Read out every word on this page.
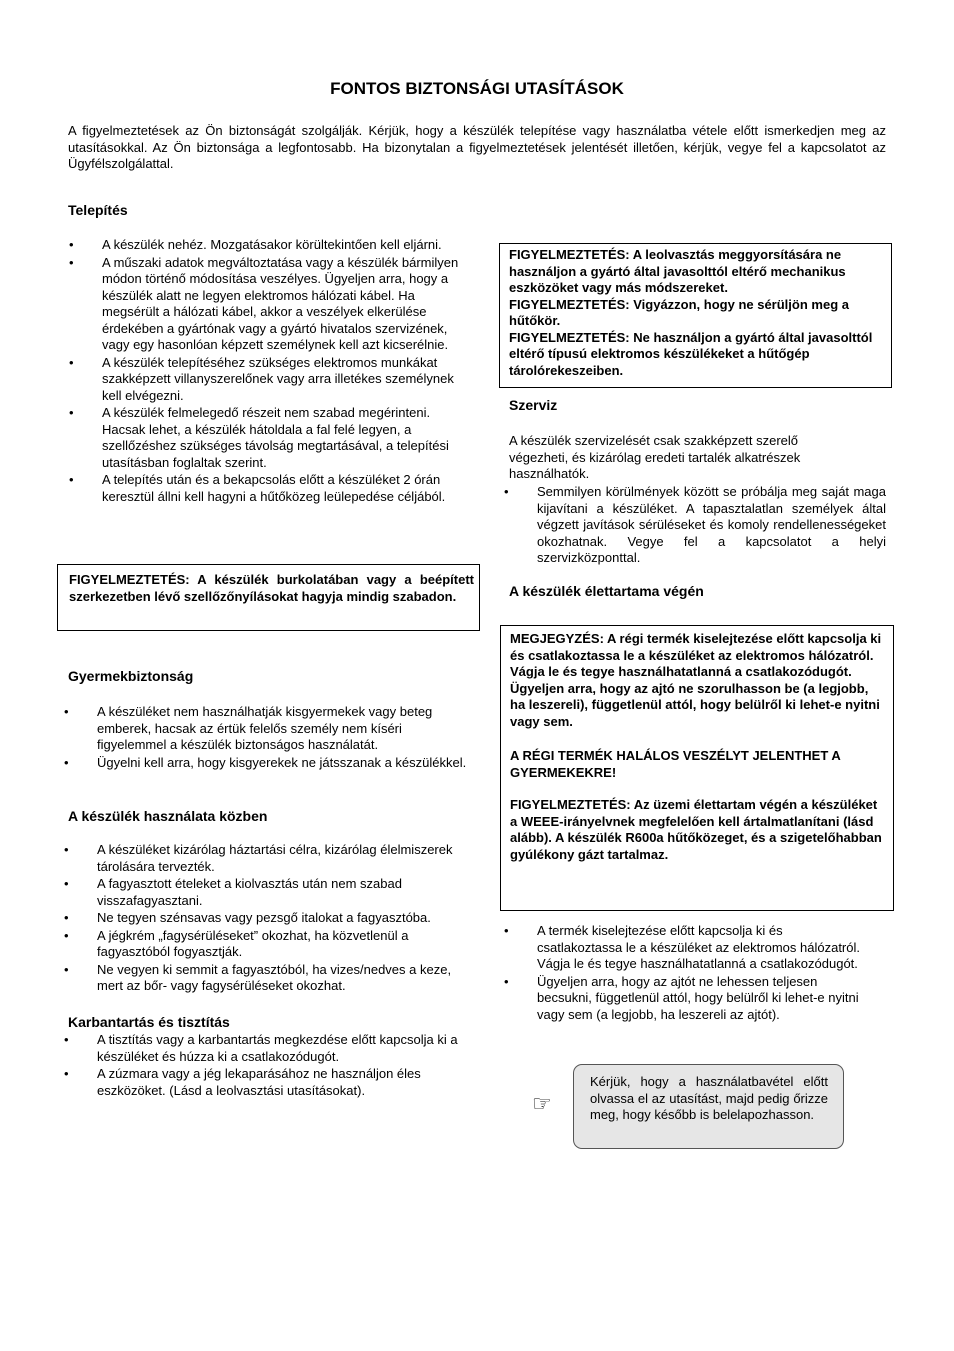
FONTOS BIZTONSÁGI UTASÍTÁSOK
A figyelmeztetések az Ön biztonságát szolgálják. Kérjük, hogy a készülék telepítése vagy használatba vétele előtt ismerkedjen meg az utasításokkal. Az Ön biztonsága a legfontosabb. Ha bizonytalan a figyelmeztetések jelentését illetően, kérjük, vegye fel a kapcsolatot az Ügyfélszolgálattal.
Telepítés
• A készülék nehéz. Mozgatásakor körültekintően kell eljárni.
• A műszaki adatok megváltoztatása vagy a készülék bármilyen módon történő módosítása veszélyes. Ügyeljen arra, hogy a készülék alatt ne legyen elektromos hálózati kábel. Ha megsérült a hálózati kábel, akkor a veszélyek elkerülése érdekében a gyártónak vagy a gyártó hivatalos szervizének, vagy egy hasonlóan képzett személynek kell azt kicserélnie.
• A készülék telepítéséhez szükséges elektromos munkákat szakképzett villanyszerelőnek vagy arra illetékes személynek kell elvégezni.
• A készülék felmelegedő részeit nem szabad megérinteni. Hacsak lehet, a készülék hátoldala a fal felé legyen, a szellőzéshez szükséges távolság megtartásával, a telepítési utasításban foglaltak szerint.
• A telepítés után és a bekapcsolás előtt a készüléket 2 órán keresztül állni kell hagyni a hűtőközeg leülepedése céljából.

FIGYELMEZTETÉS: A készülék burkolatában vagy a beépített szerkezetben lévő szellőzőnyílásokat hagyja mindig szabadon.

Gyermekbiztonság
• A készüléket nem használhatják kisgyermekek vagy beteg emberek, hacsak az értük felelős személy nem kíséri figyelemmel a készülék biztonságos használatát.
• Ügyelni kell arra, hogy kisgyerekek ne játsszanak a készülékkel.
A készülék használata közben
• A készüléket kizárólag háztartási célra, kizárólag élelmiszerek tárolására tervezték.
• A fagyasztott ételeket a kiolvasztás után nem szabad visszafagyasztani.
• Ne tegyen szénsavas vagy pezsgő italokat a fagyasztóba.
• A jégkrém „fagysérüléseket” okozhat, ha közvetlenül a fagyasztóból fogyasztják.
• Ne vegyen ki semmit a fagyasztóból, ha vizes/nedves a keze, mert az bőr- vagy fagysérüléseket okozhat.
Karbantartás és tisztítás
• A tisztítás vagy a karbantartás megkezdése előtt kapcsolja ki a készüléket és húzza ki a csatlakozódugót.
• A zúzmara vagy a jég lekaparásához ne használjon éles eszközöket. (Lásd a leolvasztási utasításokat).

FIGYELMEZTETÉS: A leolvasztás meggyorsítására ne használjon a gyártó által javasolttól eltérő mechanikus eszközöket vagy más módszereket.

FIGYELMEZTETÉS: Vigyázzon, hogy ne sérüljön meg a hűtőkör.

FIGYELMEZTETÉS: Ne használjon a gyártó által javasolttól eltérő típusú elektromos készülékeket a hűtőgép tárolórekeszeiben.

Szerviz
A készülék szervizelését csak szakképzett szerelő végezheti, és kizárólag eredeti tartalék alkatrészek használhatók.
• Semmilyen körülmények között se próbálja meg saját maga kijavítani a készüléket. A tapasztalatlan személyek által végzett javítások sérüléseket és komoly rendellenességeket okozhatnak. Vegye fel a kapcsolatot a helyi szervizközponttal.
A készülék élettartama végén

MEGJEGYZÉS: A régi termék kiselejtezése előtt kapcsolja ki és csatlakoztassa le a készüléket az elektromos hálózatról. Vágja le és tegye használhatatlanná a csatlakozódugót. Ügyeljen arra, hogy az ajtó ne szorulhasson be (a legjobb, ha leszereli), függetlenül attól, hogy belülről ki lehet-e nyitni vagy sem.

A RÉGI TERMÉK HALÁLOS VESZÉLYT JELENTHET A GYERMEKEKRE!

FIGYELMEZTETÉS: Az üzemi élettartam végén a készüléket a WEEE-irányelvnek megfelelően kell ártalmatlanítani (lásd alább). A készülék R600a hűtőközeget, és a szigetelőhabban gyúlékony gázt tartalmaz.

• A termék kiselejtezése előtt kapcsolja ki és csatlakoztassa le a készüléket az elektromos hálózatról. Vágja le és tegye használhatatlanná a csatlakozódugót.
• Ügyeljen arra, hogy az ajtót ne lehessen teljesen becsukni, függetlenül attól, hogy belülről ki lehet-e nyitni vagy sem (a legjobb, ha leszereli az ajtót).
☞
Kérjük, hogy a használatbavétel előtt olvassa el az utasítást, majd pedig őrizze meg, hogy később is belelapozhasson.
